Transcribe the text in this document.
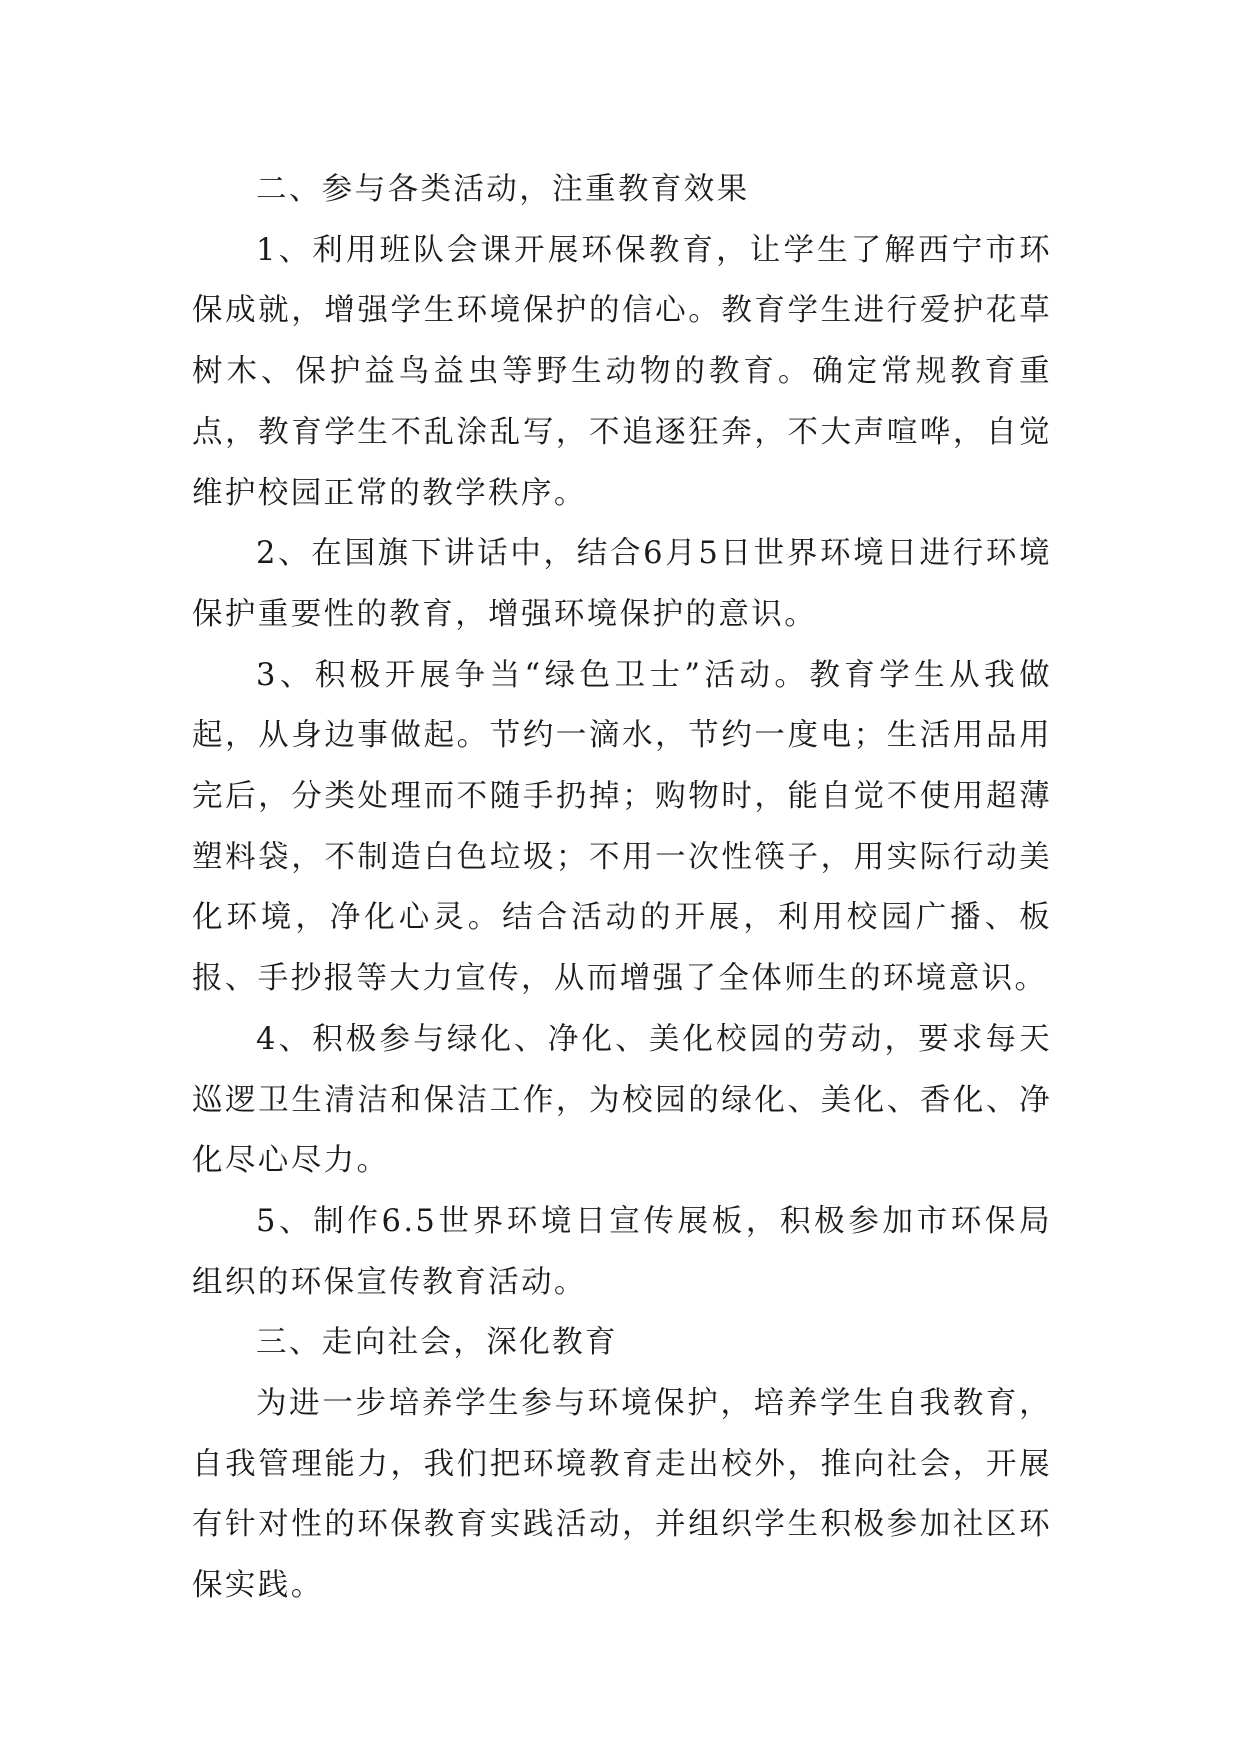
二、参与各类活动，注重教育效果

1、利用班队会课开展环保教育，让学生了解西宁市环保成就，增强学生环境保护的信心。教育学生进行爱护花草树木、保护益鸟益虫等野生动物的教育。确定常规教育重点，教育学生不乱涂乱写，不追逐狂奔，不大声喧哗，自觉维护校园正常的教学秩序。

2、在国旗下讲话中，结合6月5日世界环境日进行环境保护重要性的教育，增强环境保护的意识。

3、积极开展争当“绿色卫士”活动。教育学生从我做起，从身边事做起。节约一滴水，节约一度电；生活用品用完后，分类处理而不随手扔掉；购物时，能自觉不使用超薄塑料袋，不制造白色垃圾；不用一次性筷子，用实际行动美化环境，净化心灵。结合活动的开展，利用校园广播、板报、手抄报等大力宣传，从而增强了全体师生的环境意识。

4、积极参与绿化、净化、美化校园的劳动，要求每天巡逻卫生清洁和保洁工作，为校园的绿化、美化、香化、净化尽心尽力。

5、制作6.5世界环境日宣传展板，积极参加市环保局组织的环保宣传教育活动。

三、走向社会，深化教育

为进一步培养学生参与环境保护，培养学生自我教育，自我管理能力，我们把环境教育走出校外，推向社会，开展有针对性的环保教育实践活动，并组织学生积极参加社区环保实践。
